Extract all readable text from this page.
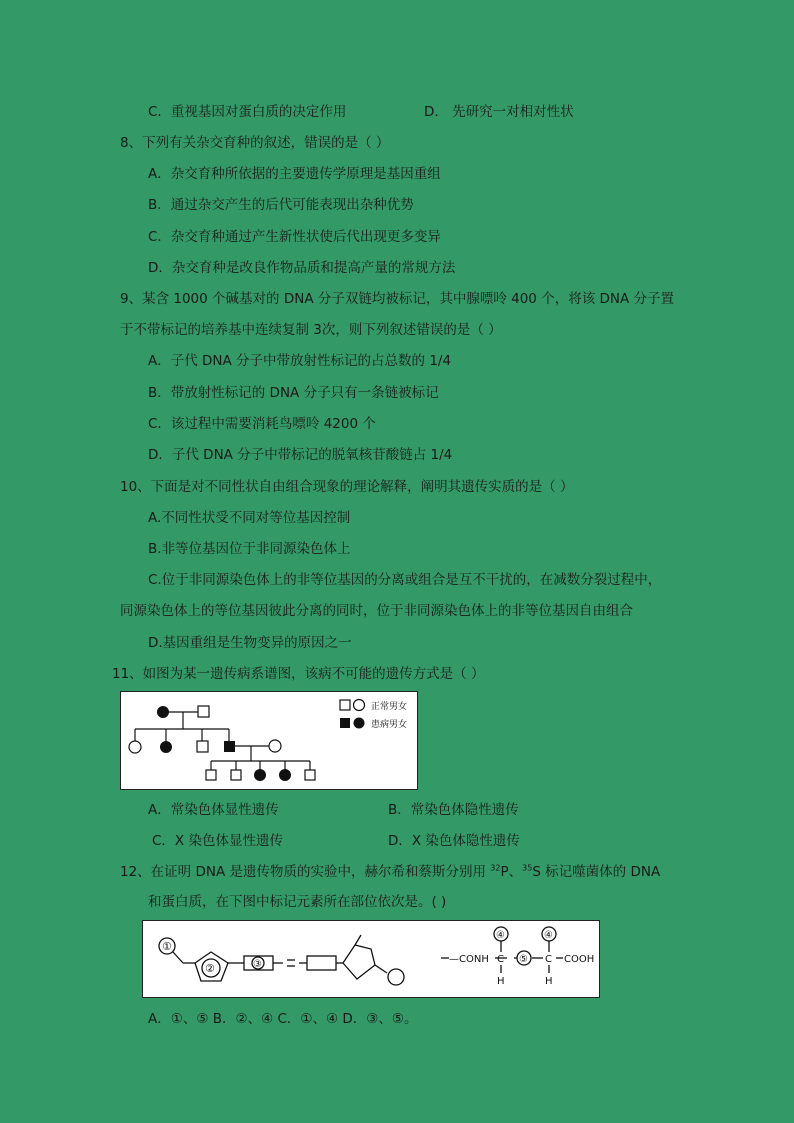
C．重视基因对蛋白质的决定作用	D． 先研究一对相对性状
8、下列有关杂交育种的叙述，错误的是（ ）
A．杂交育种所依据的主要遗传学原理是基因重组
B．通过杂交产生的后代可能表现出杂种优势
C．杂交育种通过产生新性状使后代出现更多变异
D．杂交育种是改良作物品质和提高产量的常规方法
9、某含 1000 个碱基对的 DNA 分子双链均被标记，其中腺嘌呤 400 个，将该 DNA 分子置
于不带标记的培养基中连续复制 3次，则下列叙述错误的是（ ）
A．子代 DNA 分子中带放射性标记的占总数的 1/4
B．带放射性标记的 DNA 分子只有一条链被标记
C．该过程中需要消耗鸟嘌呤 4200 个
D．子代 DNA 分子中带标记的脱氧核苷酸链占 1/4
10、下面是对不同性状自由组合现象的理论解释，阐明其遗传实质的是（ ）
A.不同性状受不同对等位基因控制
B.非等位基因位于非同源染色体上
C.位于非同源染色体上的非等位基因的分离或组合是互不干扰的，在减数分裂过程中，
同源染色体上的等位基因彼此分离的同时，位于非同源染色体上的非等位基因自由组合
D.基因重组是生物变异的原因之一
11、如图为某一遗传病系谱图，该病不可能的遗传方式是（ ）
正常男女
患病男女
A．常染色体显性遗传	B．常染色体隐性遗传
C．X 染色体显性遗传	D．X 染色体隐性遗传
12、在证明 DNA 是遗传物质的实验中，赫尔希和蔡斯分别用 $^{32}$P、$^{35}$S 标记噬菌体的 DNA
和蛋白质，在下图中标记元素所在部位依次是。( )
①
②	③
④
⑤
④
—CONH C
H
C
H
COOH
A．①、⑤ B．②、④ C．①、④ D．③、⑤。
